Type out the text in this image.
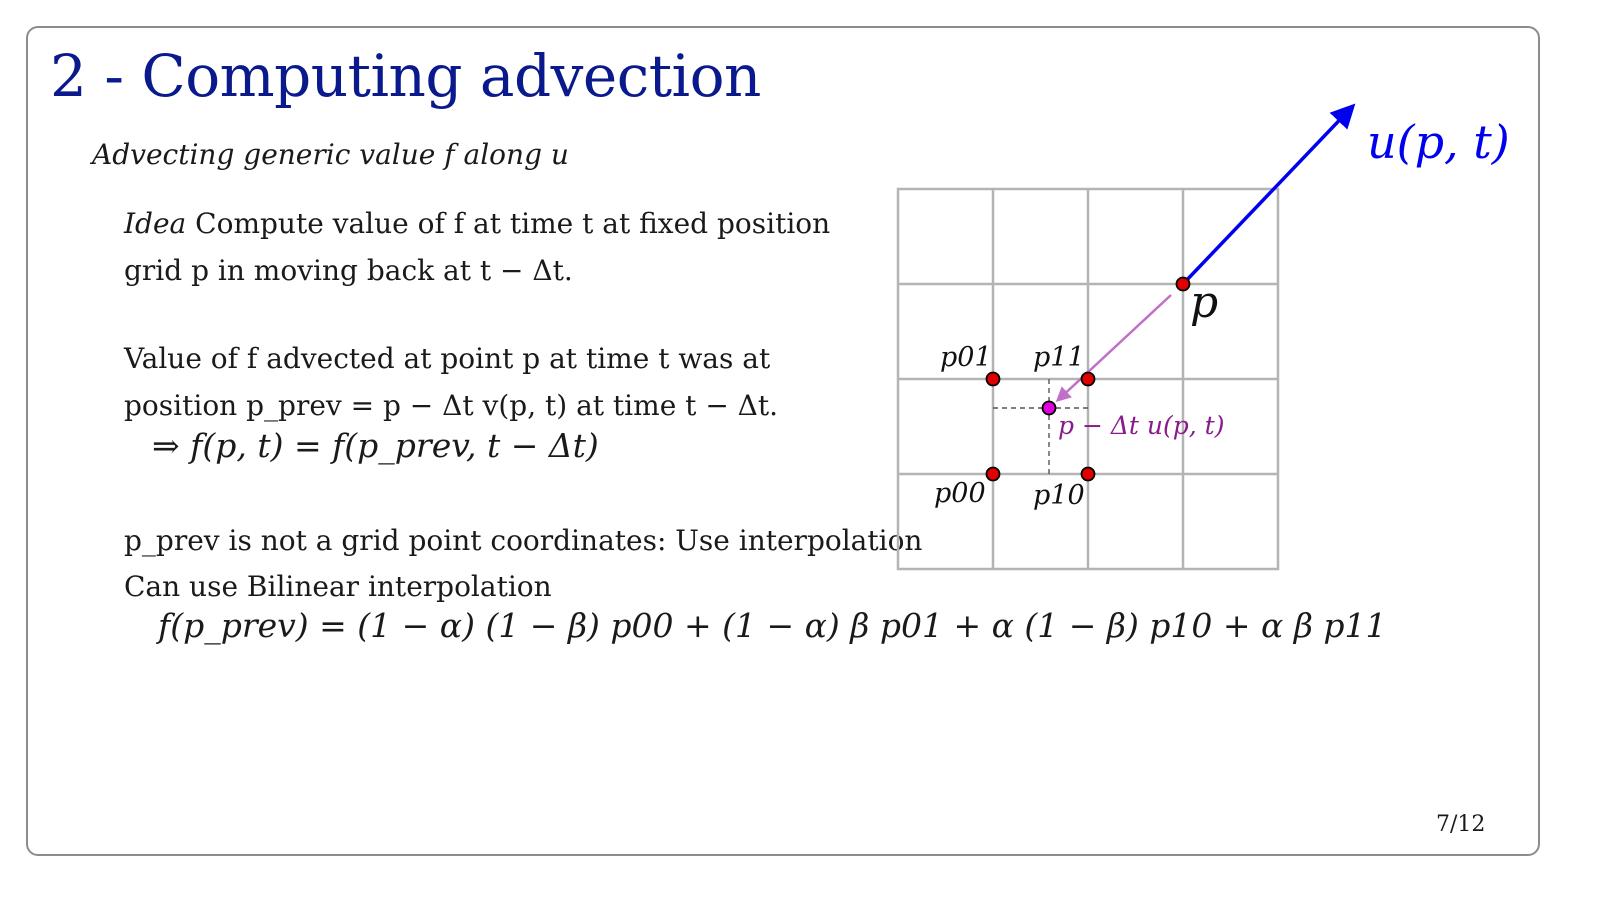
2 - Computing advection
Advecting generic value f along u
Idea Compute value of f at time t at fixed position
grid p in moving back at t − Δt.
Value of f advected at point p at time t was at
position p_prev = p − Δt v(p, t) at time t − Δt.
⇒ f(p, t) = f(p_prev, t − Δt)
p_prev is not a grid point coordinates: Use interpolation
Can use Bilinear interpolation
f(p_prev) = (1 − α) (1 − β) p00 + (1 − α) β p01 + α (1 − β) p10 + α β p11
u(p, t)
p
p01 p11
p00 p10
p − Δt u(p, t)
7/12
